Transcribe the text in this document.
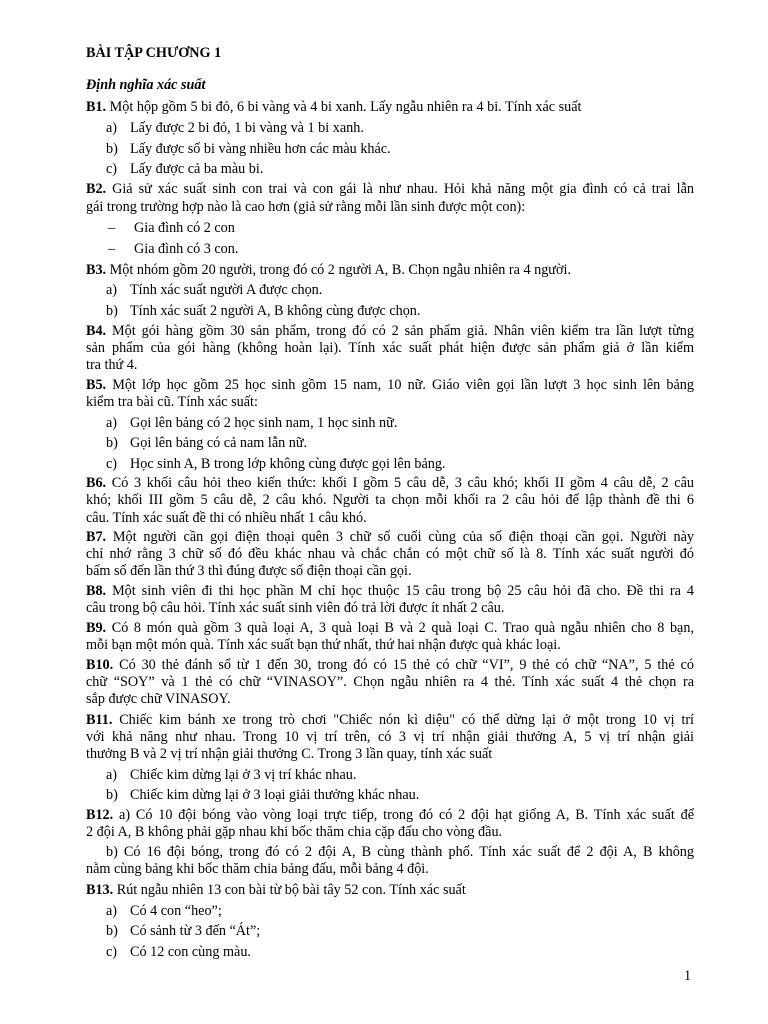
BÀI TẬP CHƯƠNG 1
Định nghĩa xác suất
B1. Một hộp gồm 5 bi đỏ, 6 bi vàng và 4 bi xanh. Lấy ngẫu nhiên ra 4 bi. Tính xác suất
a) Lấy được 2 bi đỏ, 1 bi vàng và 1 bi xanh.
b) Lấy được số bi vàng nhiều hơn các màu khác.
c) Lấy được cả ba màu bi.
B2. Giả sử xác suất sinh con trai và con gái là như nhau. Hỏi khả năng một gia đình có cả trai lẫn
gái trong trường hợp nào là cao hơn (giả sử rằng mỗi lần sinh được một con):
– Gia đình có 2 con
– Gia đình có 3 con.
B3. Một nhóm gồm 20 người, trong đó có 2 người A, B. Chọn ngẫu nhiên ra 4 người.
a) Tính xác suất người A được chọn.
b) Tính xác suất 2 người A, B không cùng được chọn.
B4. Một gói hàng gồm 30 sản phẩm, trong đó có 2 sản phẩm giả. Nhân viên kiểm tra lần lượt từng
sản phẩm của gói hàng (không hoàn lại). Tính xác suất phát hiện được sản phẩm giả ở lần kiểm
tra thứ 4.
B5. Một lớp học gồm 25 học sinh gồm 15 nam, 10 nữ. Giáo viên gọi lần lượt 3 học sinh lên bảng
kiểm tra bài cũ. Tính xác suất:
a) Gọi lên bảng có 2 học sinh nam, 1 học sinh nữ.
b) Gọi lên bảng có cả nam lẫn nữ.
c) Học sinh A, B trong lớp không cùng được gọi lên bảng.
B6. Có 3 khối câu hỏi theo kiến thức: khối I gồm 5 câu dễ, 3 câu khó; khối II gồm 4 câu dễ, 2 câu
khó; khối III gồm 5 câu dễ, 2 câu khó. Người ta chọn mỗi khối ra 2 câu hỏi để lập thành đề thi 6
câu. Tính xác suất đề thi có nhiều nhất 1 câu khó.
B7. Một người cần gọi điện thoại quên 3 chữ số cuối cùng của số điện thoại cần gọi. Người này
chỉ nhớ rằng 3 chữ số đó đều khác nhau và chắc chắn có một chữ số là 8. Tính xác suất người đó
bấm số đến lần thứ 3 thì đúng được số điện thoại cần gọi.
B8. Một sinh viên đi thi học phần M chỉ học thuộc 15 câu trong bộ 25 câu hỏi đã cho. Đề thi ra 4
câu trong bộ câu hỏi. Tính xác suất sinh viên đó trả lời được ít nhất 2 câu.
B9. Có 8 món quà gồm 3 quà loại A, 3 quà loại B và 2 quà loại C. Trao quà ngẫu nhiên cho 8 bạn,
mỗi bạn một món quà. Tính xác suất bạn thứ nhất, thứ hai nhận được quà khác loại.
B10. Có 30 thẻ đánh số từ 1 đến 30, trong đó có 15 thẻ có chữ “VI”, 9 thẻ có chữ “NA”, 5 thẻ có
chữ “SOY” và 1 thẻ có chữ “VINASOY”. Chọn ngẫu nhiên ra 4 thẻ. Tính xác suất 4 thẻ chọn ra
sắp được chữ VINASOY.
B11. Chiếc kim bánh xe trong trò chơi "Chiếc nón kì diệu" có thể dừng lại ở một trong 10 vị trí
với khả năng như nhau. Trong 10 vị trí trên, có 3 vị trí nhận giải thưởng A, 5 vị trí nhận giải
thưởng B và 2 vị trí nhận giải thưởng C. Trong 3 lần quay, tính xác suất
a) Chiếc kim dừng lại ở 3 vị trí khác nhau.
b) Chiếc kim dừng lại ở 3 loại giải thưởng khác nhau.
B12. a) Có 10 đội bóng vào vòng loại trực tiếp, trong đó có 2 đội hạt giống A, B. Tính xác suất để
2 đội A, B không phải gặp nhau khi bốc thăm chia cặp đấu cho vòng đầu.
b) Có 16 đội bóng, trong đó có 2 đội A, B cùng thành phố. Tính xác suất để 2 đội A, B không
nằm cùng bảng khi bốc thăm chia bảng đấu, mỗi bảng 4 đội.
B13. Rút ngẫu nhiên 13 con bài từ bộ bài tây 52 con. Tính xác suất
a) Có 4 con “heo”;
b) Có sảnh từ 3 đến “Át”;
c) Có 12 con cùng màu.
1
